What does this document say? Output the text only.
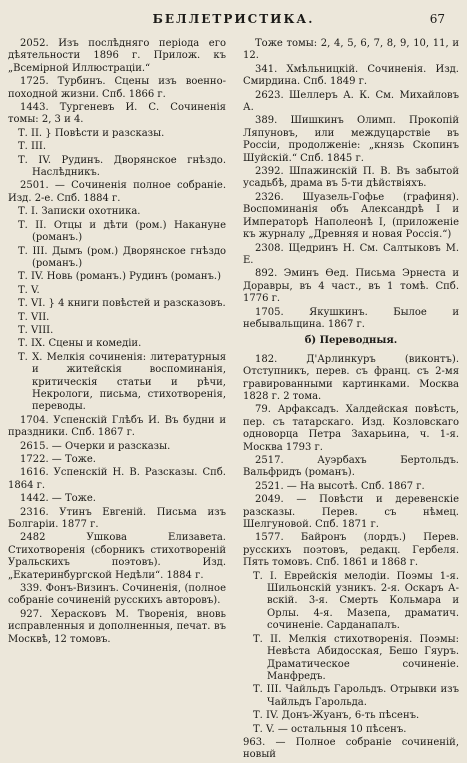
БЕЛЛЕТРИСТИКА.	67
2052. Изъ послѣдняго періода его дѣятельности 1896 г. Прилож. къ „Всемірной Иллюстраціи.“
1725. Турбинъ. Сцены изъ военно-походной жизни. Спб. 1866 г.
1443. Тургеневъ И. С. Сочиненія томы: 2, 3 и 4.
Т. II. } Повѣсти и разсказы.
Т. III.
Т. IV. Рудинъ. Дворянское гнѣздо. Наслѣдникъ.
2501. — Сочиненія полное собраніе. Изд. 2-е. Спб. 1884 г.
Т. I. Записки охотника.
Т. II. Отцы и дѣти (ром.) Накануне (романъ.)
Т. III. Дымъ (ром.) Дворянское гнѣздо (романъ.)
Т. IV. Новь (романъ.) Рудинъ (романъ.)
Т. V.
Т. VI. } 4 книги повѣстей и разсказовъ.
Т. VII.
Т. VIII.
Т. IX. Сцены и комедіи.
Т. X. Мелкія сочиненія: литературныя и житейскія воспоминанія, критическія статьи и рѣчи, Некрологи, письма, стихотворенія, переводы.
1704. Успенскій Глѣбъ И. Въ будни и праздники. Спб. 1867 г.
2615. — Очерки и разсказы.
1722. — Тоже.
1616. Успенскій Н. В. Разсказы. Спб. 1864 г.
1442. — Тоже.
2316. Утинъ Евгеній. Письма изъ Болгаріи. 1877 г.
2482 Ушкова Елизавета. Стихотворенія (сборникъ стихотвореній Уральскихъ поэтовъ). Изд. „Екатеринбургской Недѣли“. 1884 г.
339. Фонъ-Визинъ. Сочиненія, (полное собраніе сочиненій русскихъ авторовъ).
927. Херасковъ М. Творенія, вновь исправленныя и дополненныя, печат. въ Москвѣ, 12 томовъ.
Тоже томы: 2, 4, 5, 6, 7, 8, 9, 10, 11, и 12.
341. Хмѣльницкій. Сочиненія. Изд. Смирдина. Спб. 1849 г.
2623. Шеллеръ А. К. См. Михайловъ А.
389. Шишкинъ Олимп. Прокопій Ляпуновъ, или междуцарствіе въ Россіи, продолженіе: „князь Скопинъ Шуйскій.“ Спб. 1845 г.
2392. Шпажинскій П. В. Въ забытой усадьбѣ, драма въ 5-ти дѣйствіяхъ.
2326. Шуазель-Гофье (графиня). Воспоминанія объ Александрѣ I и Императорѣ Наполеонѣ I, (приложеніе къ журналу „Древняя и новая Россія.“)
2308. Щедринъ Н. См. Салтыковъ М. Е.
892. Эминъ Ѳед. Письма Эрнеста и Доравры, въ 4 част., въ 1 томѣ. Спб. 1776 г.
1705. Якушкинъ. Былое и небывальщина. 1867 г.
б) Переводныя.
182. Д'Арлинкуръ (виконтъ). Отступникъ, перев. съ франц. съ 2-мя гравированными картинками. Москва 1828 г. 2 тома.
79. Арфаксадъ. Халдейская повѣсть, пер. съ татарскаго. Изд. Козловскаго одноворца Петра Захарьина, ч. 1-я. Москва 1793 г.
2517. Ауэрбахъ Бертольдъ. Вальфридъ (романъ).
2521. — На высотѣ. Спб. 1867 г.
2049. — Повѣсти и деревенскіе разсказы. Перев. съ нѣмец. Шелгуновой. Спб. 1871 г.
1577. Байронъ (лордъ.) Перев. русскихъ поэтовъ, редакц. Гербеля. Пять томовъ. Спб. 1861 и 1868 г.
Т. I. Еврейскія мелодіи. Поэмы 1-я. Шильонскій узникъ. 2-я. Оскаръ А-вскій. 3-я. Смерть Кольмара и Орлы. 4-я. Мазепа, драматич. сочиненіе. Сарданапалъ.
Т. II. Мелкія стихотворенія. Поэмы: Невѣста Абидосская, Бешо Гяуръ. Драматическое сочиненіе. Манфредъ.
Т. III. Чайльдъ Гарольдъ. Отрывки изъ Чайльдъ Гарольда.
Т. IV. Донъ-Жуанъ, 6-ть пѣсенъ.
Т. V. — остальныя 10 пѣсенъ.
963. — Полное собраніе сочиненій, новый
